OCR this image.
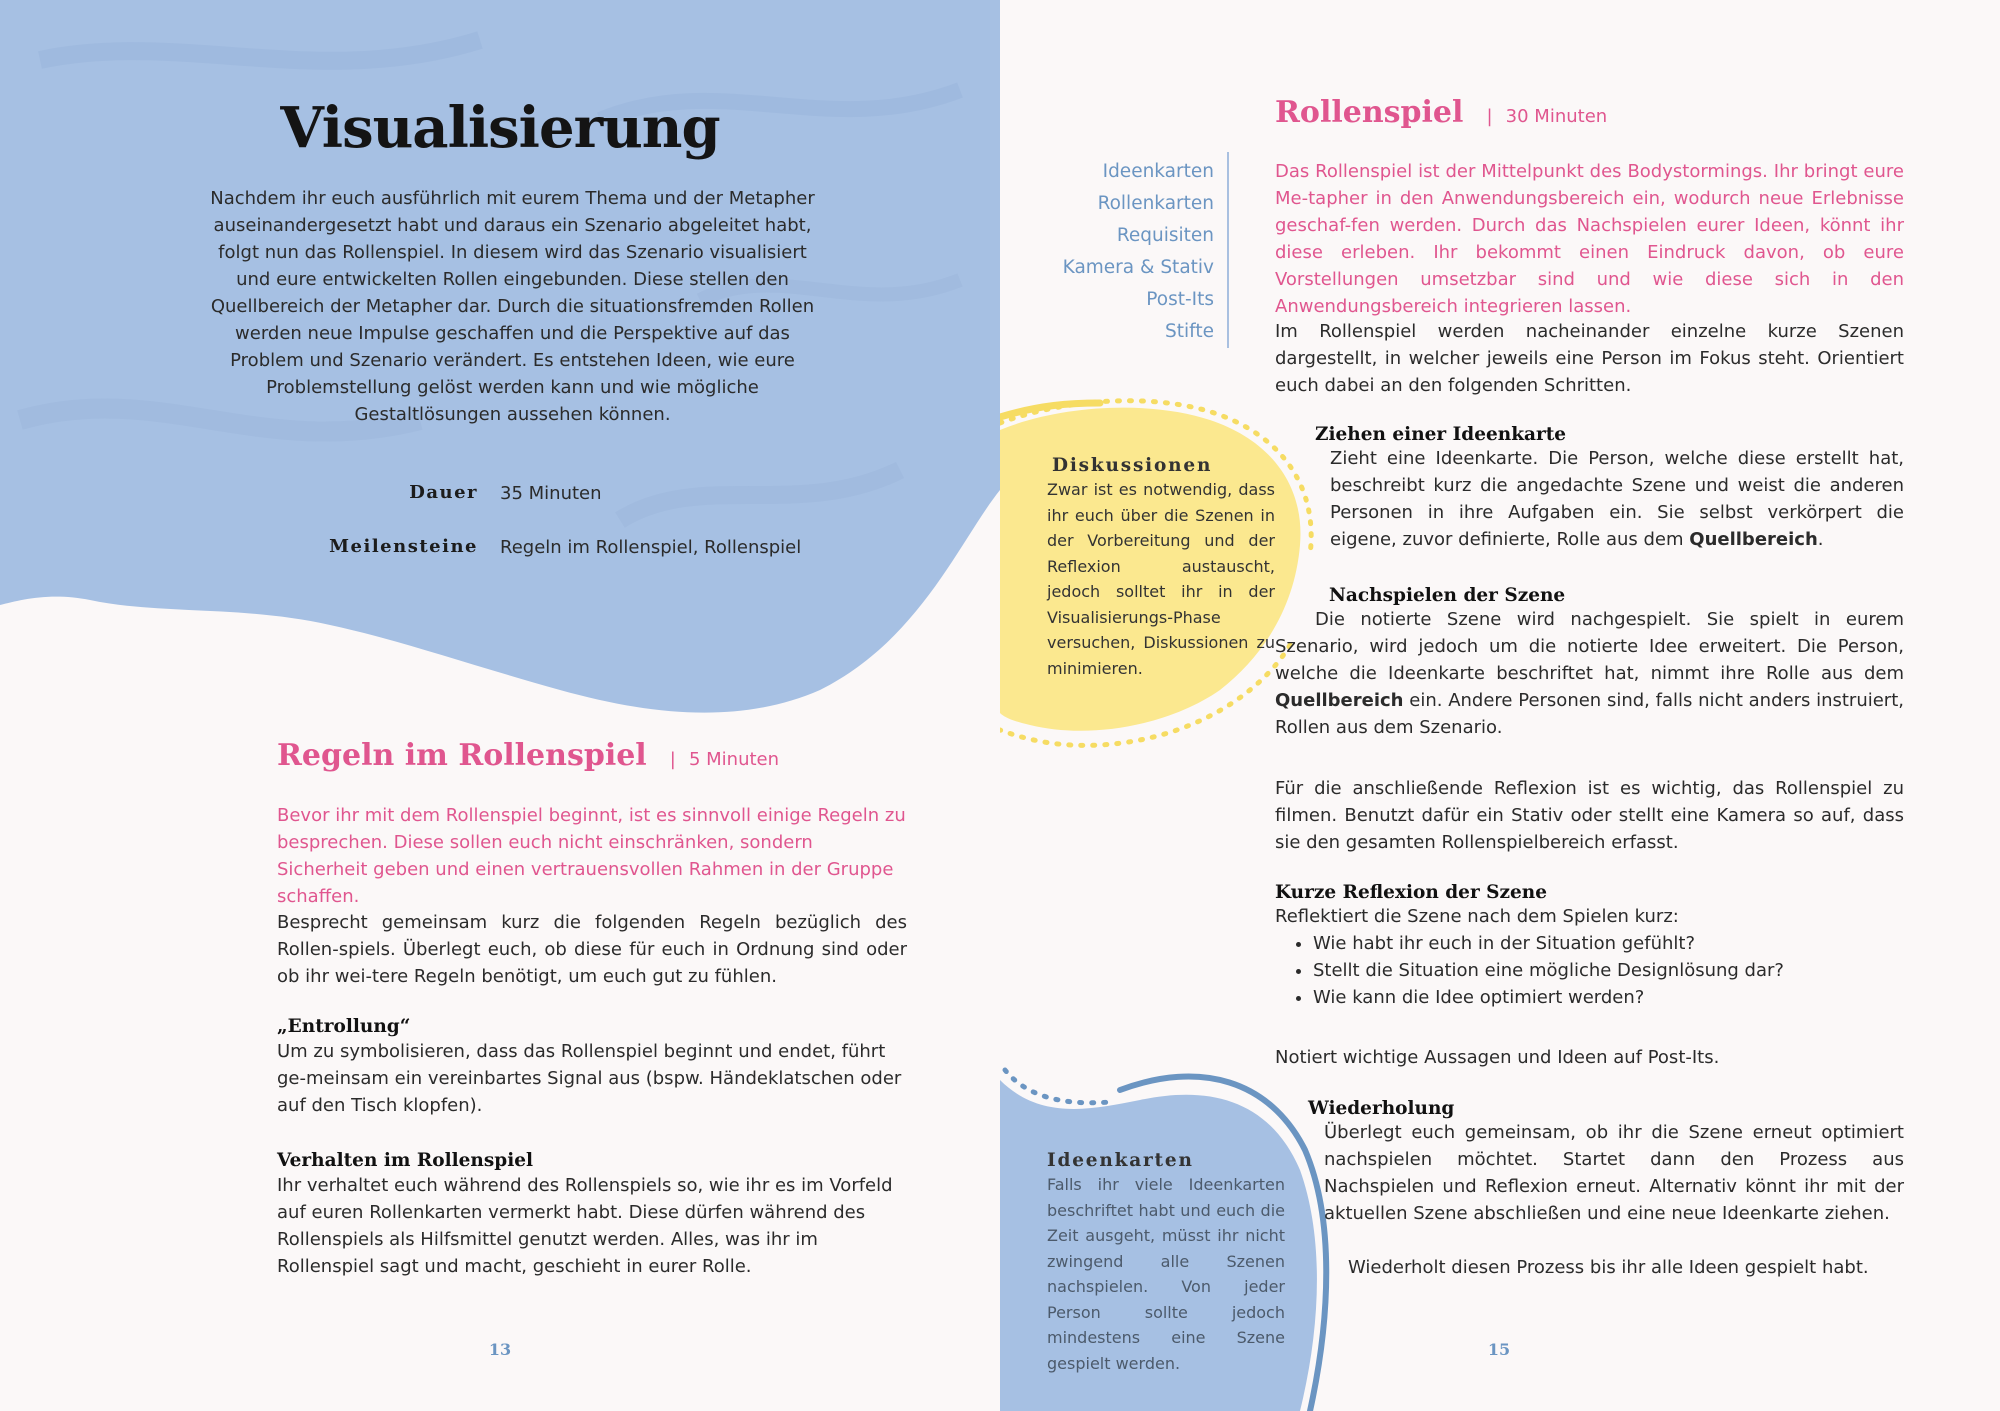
Visualisierung
Nachdem ihr euch ausführlich mit eurem Thema und der Metapher auseinandergesetzt habt und daraus ein Szenario abgeleitet habt, folgt nun das Rollenspiel. In diesem wird das Szenario visualisiert und eure entwickelten Rollen eingebunden. Diese stellen den Quellbereich der Metapher dar. Durch die situationsfremden Rollen werden neue Impulse geschaffen und die Perspektive auf das Problem und Szenario verändert. Es entstehen Ideen, wie eure Problemstellung gelöst werden kann und wie mögliche Gestaltlösungen aussehen können.
Dauer 35 Minuten
Meilensteine Regeln im Rollenspiel, Rollenspiel
Regeln im Rollenspiel | 5 Minuten
Bevor ihr mit dem Rollenspiel beginnt, ist es sinnvoll einige Regeln zu besprechen. Diese sollen euch nicht einschränken, sondern Sicherheit geben und einen vertrauensvollen Rahmen in der Gruppe schaffen.
Besprecht gemeinsam kurz die folgenden Regeln bezüglich des Rollen-spiels. Überlegt euch, ob diese für euch in Ordnung sind oder ob ihr wei-tere Regeln benötigt, um euch gut zu fühlen.
„Entrollung“
Um zu symbolisieren, dass das Rollenspiel beginnt und endet, führt ge-meinsam ein vereinbartes Signal aus (bspw. Händeklatschen oder auf den Tisch klopfen).
Verhalten im Rollenspiel
Ihr verhaltet euch während des Rollenspiels so, wie ihr es im Vorfeld auf euren Rollenkarten vermerkt habt. Diese dürfen während des Rollenspiels als Hilfsmittel genutzt werden. Alles, was ihr im Rollenspiel sagt und macht, geschieht in eurer Rolle.
13
Rollenspiel | 30 Minuten
Ideenkarten
Rollenkarten
Requisiten
Kamera & Stativ
Post-Its
Stifte
Das Rollenspiel ist der Mittelpunkt des Bodystormings. Ihr bringt eure Me-tapher in den Anwendungsbereich ein, wodurch neue Erlebnisse geschaf-fen werden. Durch das Nachspielen eurer Ideen, könnt ihr diese erleben. Ihr bekommt einen Eindruck davon, ob eure Vorstellungen umsetzbar sind und wie diese sich in den Anwendungsbereich integrieren lassen.
Im Rollenspiel werden nacheinander einzelne kurze Szenen dargestellt, in welcher jeweils eine Person im Fokus steht. Orientiert euch dabei an den folgenden Schritten.
Ziehen einer Ideenkarte
Zieht eine Ideenkarte. Die Person, welche diese erstellt hat, beschreibt kurz die angedachte Szene und weist die anderen Personen in ihre Aufgaben ein. Sie selbst verkörpert die eigene, zuvor definierte, Rolle aus dem Quellbereich.
Nachspielen der Szene
Die notierte Szene wird nachgespielt. Sie spielt in eurem Szenario, wird jedoch um die notierte Idee erweitert. Die Person, welche die Ideenkarte beschriftet hat, nimmt ihre Rolle aus dem Quellbereich ein. Andere Personen sind, falls nicht anders instruiert, Rollen aus dem Szenario.
Für die anschließende Reflexion ist es wichtig, das Rollenspiel zu filmen. Benutzt dafür ein Stativ oder stellt eine Kamera so auf, dass sie den gesamten Rollenspielbereich erfasst.
Kurze Reflexion der Szene
Reflektiert die Szene nach dem Spielen kurz:
• Wie habt ihr euch in der Situation gefühlt?
• Stellt die Situation eine mögliche Designlösung dar?
• Wie kann die Idee optimiert werden?
Notiert wichtige Aussagen und Ideen auf Post-Its.
Wiederholung
Überlegt euch gemeinsam, ob ihr die Szene erneut optimiert nachspielen möchtet. Startet dann den Prozess aus Nachspielen und Reflexion erneut. Alternativ könnt ihr mit der aktuellen Szene abschließen und eine neue Ideenkarte ziehen.
Wiederholt diesen Prozess bis ihr alle Ideen gespielt habt.
Diskussionen
Zwar ist es notwendig, dass ihr euch über die Szenen in der Vorbereitung und der Reflexion austauscht, jedoch solltet ihr in der Visualisierungs-Phase versuchen, Diskussionen zu minimieren.
Ideenkarten
Falls ihr viele Ideenkarten beschriftet habt und euch die Zeit ausgeht, müsst ihr nicht zwingend alle Szenen nachspielen. Von jeder Person sollte jedoch mindestens eine Szene gespielt werden.
15
